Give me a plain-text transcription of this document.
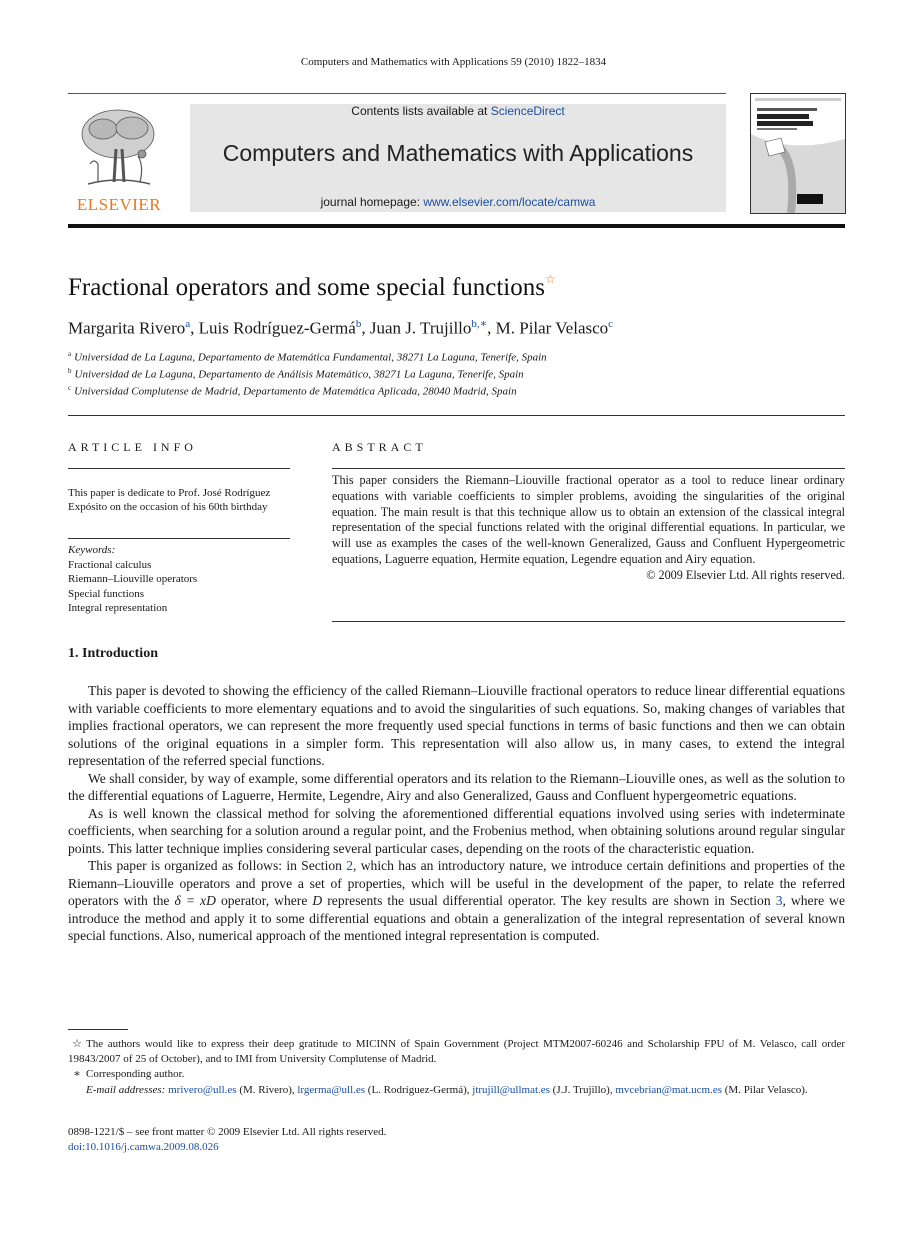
Computers and Mathematics with Applications 59 (2010) 1822–1834
ELSEVIER
Contents lists available at ScienceDirect
Computers and Mathematics with Applications
journal homepage: www.elsevier.com/locate/camwa
Fractional operators and some special functions☆
Margarita Rivero$^a$, Luis Rodríguez-Germá$^b$, Juan J. Trujillo$^{b,∗}$, M. Pilar Velasco$^c$
$^a$ Universidad de La Laguna, Departamento de Matemática Fundamental, 38271 La Laguna, Tenerife, Spain
$^b$ Universidad de La Laguna, Departamento de Análisis Matemático, 38271 La Laguna, Tenerife, Spain
$^c$ Universidad Complutense de Madrid, Departamento de Matemática Aplicada, 28040 Madrid, Spain
ARTICLE INFO
This paper is dedicate to Prof. José Rodríguez Expósito on the occasion of his 60th birthday
Keywords:
Fractional calculus
Riemann–Liouville operators
Special functions
Integral representation
ABSTRACT
This paper considers the Riemann–Liouville fractional operator as a tool to reduce linear ordinary equations with variable coefficients to simpler problems, avoiding the singularities of the original equation. The main result is that this technique allow us to obtain an extension of the classical integral representation of the special functions related with the original differential equations. In particular, we will use as examples the cases of the well-known Generalized, Gauss and Confluent Hypergeometric equations, Laguerre equation, Hermite equation, Legendre equation and Airy equation.
© 2009 Elsevier Ltd. All rights reserved.
1. Introduction

This paper is devoted to showing the efficiency of the called Riemann–Liouville fractional operators to reduce linear differential equations with variable coefficients to more elementary equations and to avoid the singularities of such equations. So, making changes of variables that implies fractional operators, we can represent the more frequently used special functions in terms of basic functions and then we can obtain solutions of the original equations in a simpler form. This representation will also allow us, in many cases, to extend the integral representation of the referred special functions.

We shall consider, by way of example, some differential operators and its relation to the Riemann–Liouville ones, as well as the solution to the differential equations of Laguerre, Hermite, Legendre, Airy and also Generalized, Gauss and Confluent hypergeometric equations.

As is well known the classical method for solving the aforementioned differential equations involved using series with indeterminate coefficients, when searching for a solution around a regular point, and the Frobenius method, when obtaining solutions around regular singular points. This latter technique implies considering several particular cases, depending on the roots of the characteristic equation.

This paper is organized as follows: in Section 2, which has an introductory nature, we introduce certain definitions and properties of the Riemann–Liouville operators and prove a set of properties, which will be useful in the development of the paper, to relate the referred operators with the δ = xD operator, where D represents the usual differential operator. The key results are shown in Section 3, where we introduce the method and apply it to some differential equations and obtain a generalization of the integral representation of several known special functions. Also, numerical approach of the mentioned integral representation is computed.

☆ The authors would like to express their deep gratitude to MICINN of Spain Government (Project MTM2007-60246 and Scholarship FPU of M. Velasco, call order 19843/2007 of 25 of October), and to IMI from University Complutense of Madrid.

∗ Corresponding author.

E-mail addresses: mrivero@ull.es (M. Rivero), lrgerma@ull.es (L. Rodríguez-Germá), jtrujill@ullmat.es (J.J. Trujillo), mvcebrian@mat.ucm.es (M. Pilar Velasco).

0898-1221/$ – see front matter © 2009 Elsevier Ltd. All rights reserved.
doi:10.1016/j.camwa.2009.08.026
